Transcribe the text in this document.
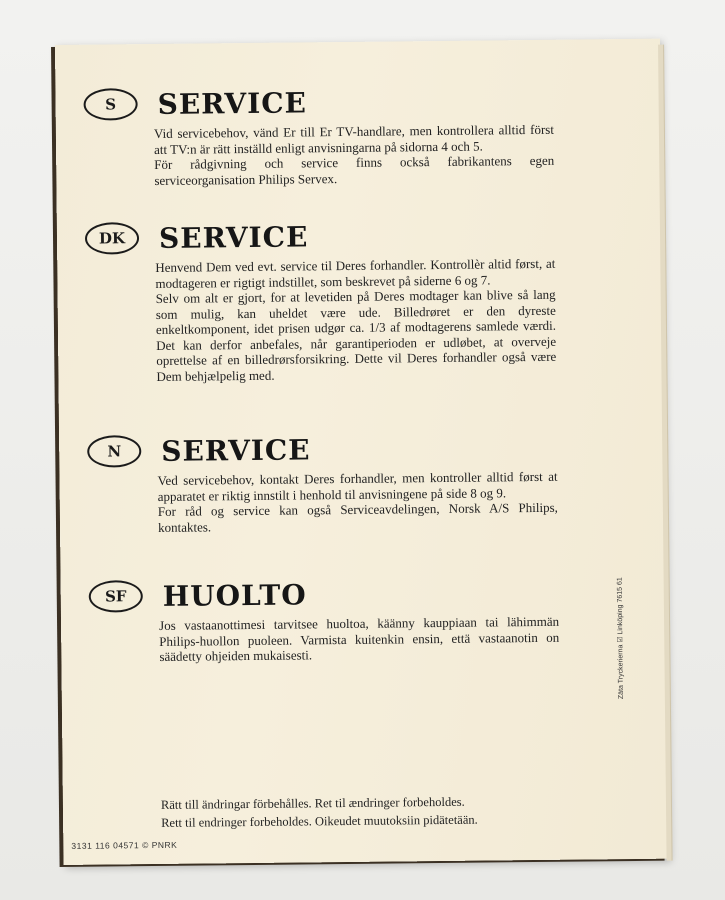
S	SERVICE

Vid servicebehov, vänd Er till Er TV-handlare, men kontrollera alltid först att TV:n är rätt inställd enligt anvisningarna på sidorna 4 och 5.

För rådgivning och service finns också fabrikantens egen serviceorganisation Philips Servex.

DK	SERVICE

Henvend Dem ved evt. service til Deres forhandler. Kontrollèr altid først, at modtageren er rigtigt indstillet, som beskrevet på siderne 6 og 7.

Selv om alt er gjort, for at levetiden på Deres modtager kan blive så lang som mulig, kan uheldet være ude. Billedrøret er den dyreste enkeltkomponent, idet prisen udgør ca. 1/3 af modtagerens samlede værdi. Det kan derfor anbefales, når garantiperioden er udløbet, at overveje oprettelse af en billedrørsforsikring. Dette vil Deres forhandler også være Dem behjælpelig med.

N	SERVICE

Ved servicebehov, kontakt Deres forhandler, men kontroller alltid først at apparatet er riktig innstilt i henhold til anvisningene på side 8 og 9.

For råd og service kan også Serviceavdelingen, Norsk A/S Philips, kontaktes.

SF	HUOLTO

Jos vastaanottimesi tarvitsee huoltoa, käänny kauppiaan tai lähimmän Philips-huollon puoleen. Varmista kuitenkin ensin, että vastaanotin on säädetty ohjeiden mukaisesti.

Rätt till ändringar förbehålles. Ret til ændringer forbeholdes.

Rett til endringer forbeholdes. Oikeudet muutoksiin pidätetään.

3131 116 04571 © PNRK
Zäta Tryckerierna ☑ Linköping 7615 61
